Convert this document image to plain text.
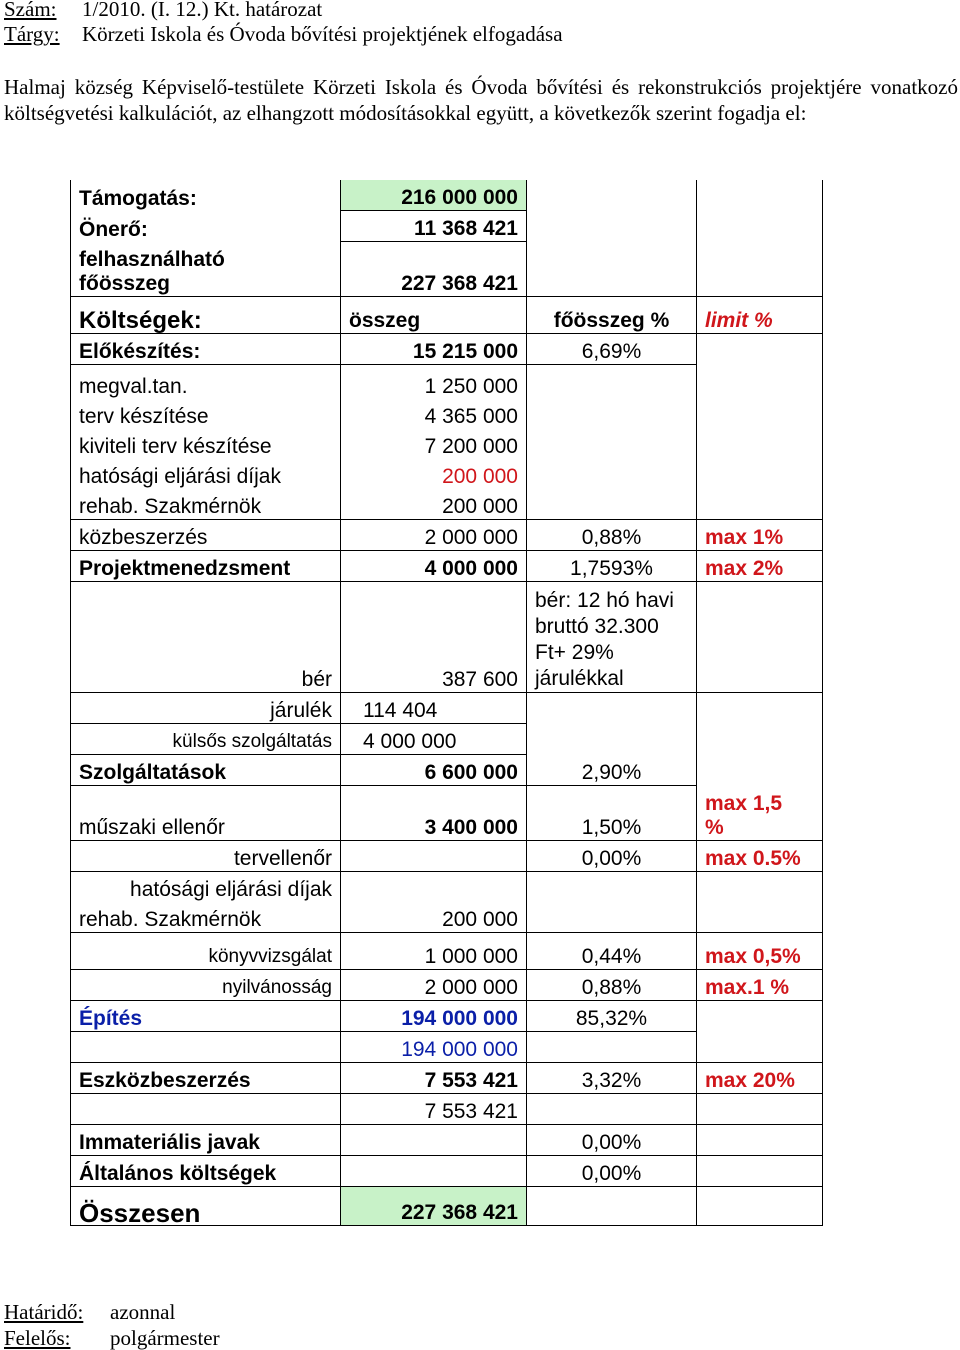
Szám: 1/2010. (I. 12.) Kt. határozat
Tárgy: Körzeti Iskola és Óvoda bővítési projektjének elfogadása
Halmaj község Képviselő-testülete Körzeti Iskola és Óvoda bővítési és rekonstrukciós projektjére vonatkozó költségvetési kalkulációt, az elhangzott módosításokkal együtt, a következők szerint fogadja el:
Támogatás:	216 000 000		
Önerő:	11 368 421		
felhasználható
főösszeg	227 368 421		
Költségek:	összeg	főösszeg %	limit %
Előkészítés:	15 215 000	6,69%	
megval.tan.	1 250 000		
terv készítése	4 365 000		
kiviteli terv készítése	7 200 000		
hatósági eljárási díjak	200 000		
rehab. Szakmérnök	200 000		
közbeszerzés	2 000 000	0,88%	max 1%
Projektmenedzsment	4 000 000	1,7593%	max 2%
bér	387 600	bér: 12 hó havi
bruttó 32.300
Ft+ 29%
járulékkal	
járulék	114 404		
külsős szolgáltatás	4 000 000		
Szolgáltatások	6 600 000	2,90%	
műszaki ellenőr	3 400 000	1,50%	max 1,5
%
tervellenőr		0,00%	max 0.5%
hatósági eljárási díjak			
rehab. Szakmérnök	200 000		
könyvvizsgálat	1 000 000	0,44%	max 0,5%
nyilvánosság	2 000 000	0,88%	max.1 %
Építés	194 000 000	85,32%	
	194 000 000		
Eszközbeszerzés	7 553 421	3,32%	max 20%
	7 553 421		
Immateriális javak		0,00%	
Általános költségek		0,00%	
Összesen	227 368 421		
Határidő: azonnal
Felelős: polgármester
